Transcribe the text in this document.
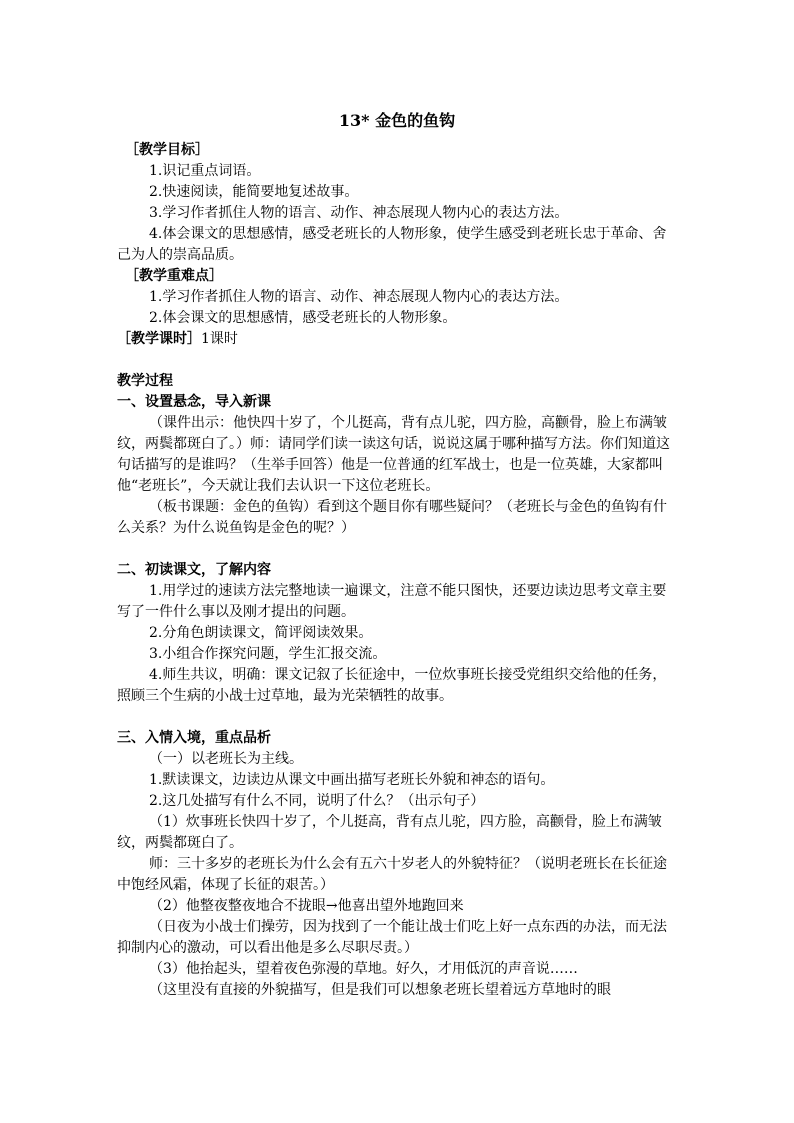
13* 金色的鱼钩

［教学目标］

1.识记重点词语。

2.快速阅读，能简要地复述故事。

3.学习作者抓住人物的语言、动作、神态展现人物内心的表达方法。

4.体会课文的思想感情，感受老班长的人物形象，使学生感受到老班长忠于革命、舍己为人的崇高品质。

［教学重难点］

1.学习作者抓住人物的语言、动作、神态展现人物内心的表达方法。

2.体会课文的思想感情，感受老班长的人物形象。

［教学课时］1课时

教学过程

一、设置悬念，导入新课

（课件出示：他快四十岁了，个儿挺高，背有点儿驼，四方脸，高颧骨，脸上布满皱纹，两鬓都斑白了。）师：请同学们读一读这句话，说说这属于哪种描写方法。你们知道这句话描写的是谁吗？（生举手回答）他是一位普通的红军战士，也是一位英雄，大家都叫他“老班长”，今天就让我们去认识一下这位老班长。

（板书课题：金色的鱼钩）看到这个题目你有哪些疑问？（老班长与金色的鱼钩有什么关系？为什么说鱼钩是金色的呢？）

二、初读课文，了解内容

1.用学过的速读方法完整地读一遍课文，注意不能只图快，还要边读边思考文章主要写了一件什么事以及刚才提出的问题。

2.分角色朗读课文，简评阅读效果。

3.小组合作探究问题，学生汇报交流。

4.师生共议，明确：课文记叙了长征途中，一位炊事班长接受党组织交给他的任务，照顾三个生病的小战士过草地，最为光荣牺牲的故事。

三、入情入境，重点品析

（一）以老班长为主线。

1.默读课文，边读边从课文中画出描写老班长外貌和神态的语句。

2.这几处描写有什么不同，说明了什么？（出示句子）

（1）炊事班长快四十岁了，个儿挺高，背有点儿驼，四方脸，高颧骨，脸上布满皱纹，两鬓都斑白了。

师：三十多岁的老班长为什么会有五六十岁老人的外貌特征？（说明老班长在长征途中饱经风霜，体现了长征的艰苦。）

（2）他整夜整夜地合不拢眼→他喜出望外地跑回来

（日夜为小战士们操劳，因为找到了一个能让战士们吃上好一点东西的办法，而无法抑制内心的激动，可以看出他是多么尽职尽责。）

（3）他抬起头，望着夜色弥漫的草地。好久，才用低沉的声音说……

（这里没有直接的外貌描写，但是我们可以想象老班长望着远方草地时的眼
